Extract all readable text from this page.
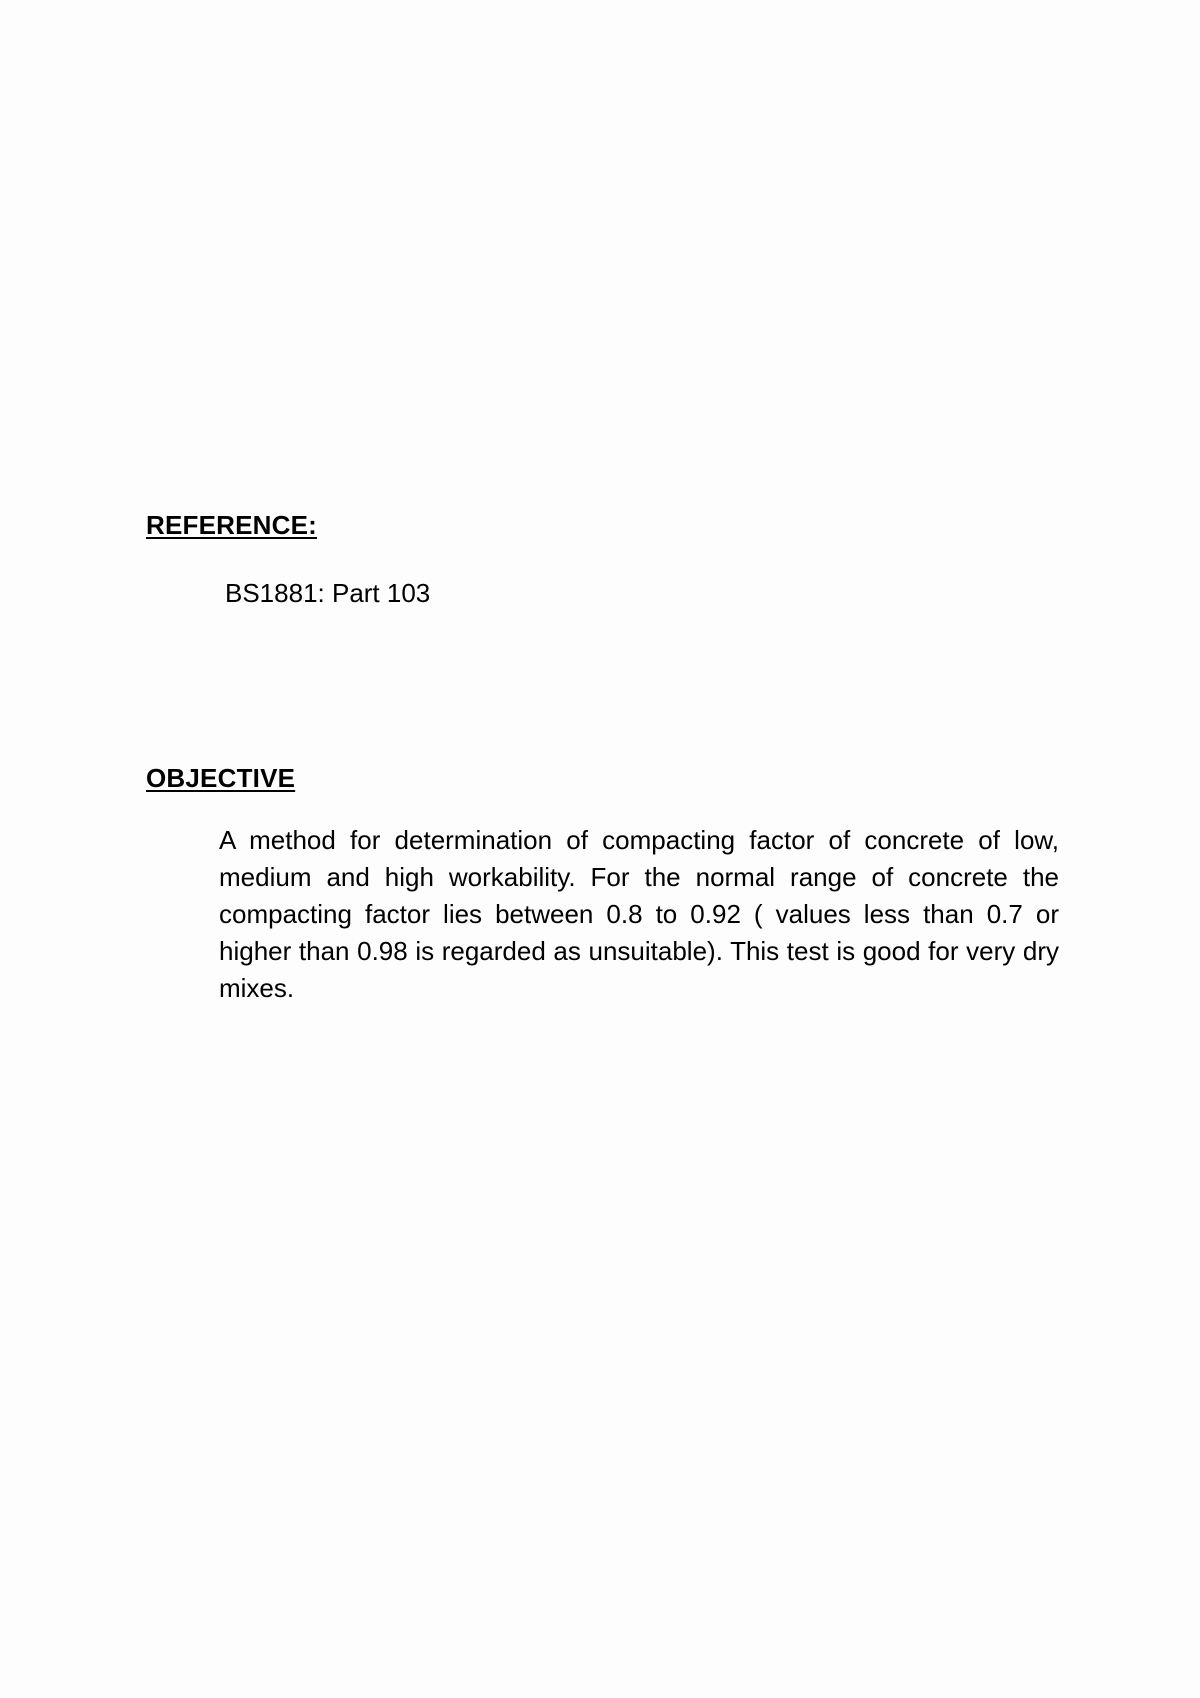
REFERENCE:
BS1881: Part 103
OBJECTIVE

A method for determination of compacting factor of concrete of low, medium and high workability. For the normal range of concrete the compacting factor lies between 0.8 to 0.92 ( values less than 0.7 or higher than 0.98 is regarded as unsuitable). This test is good for very dry mixes.
